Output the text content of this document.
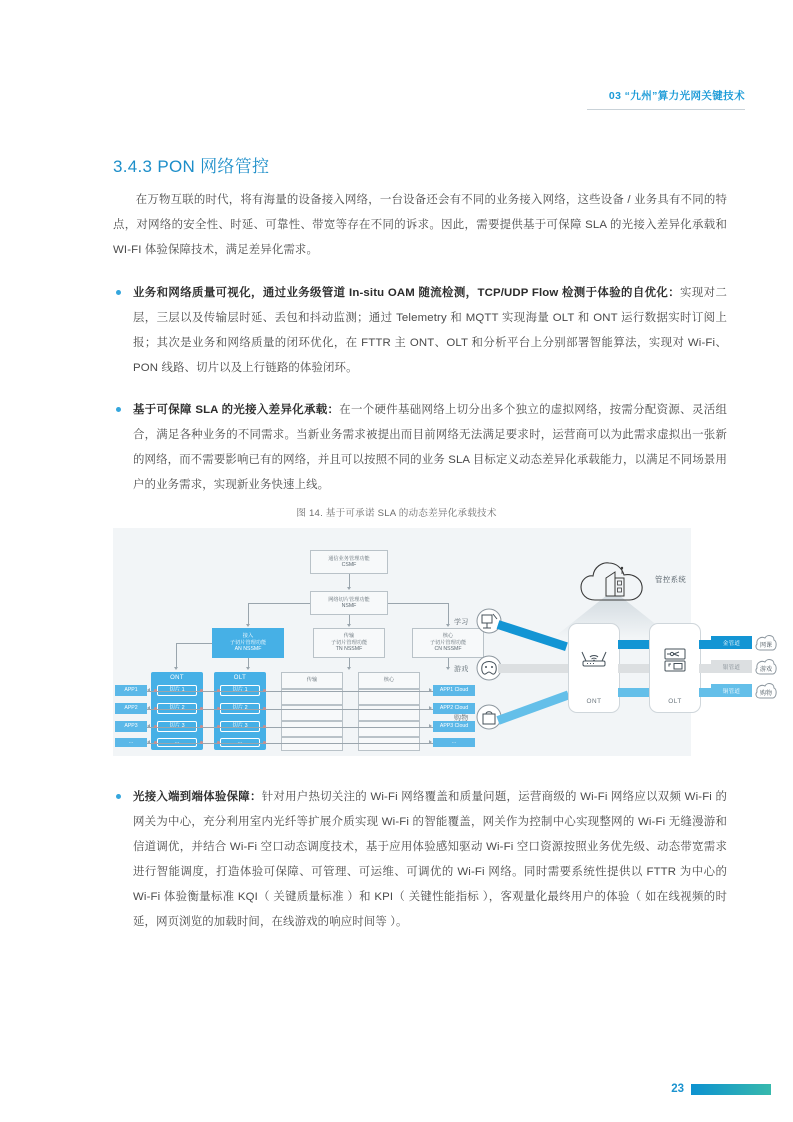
03 “九州”算力光网关键技术
3.4.3 PON 网络管控

在万物互联的时代，将有海量的设备接入网络，一台设备还会有不同的业务接入网络，这些设备 / 业务具有不同的特点，对网络的安全性、时延、可靠性、带宽等存在不同的诉求。因此，需要提供基于可保障 SLA 的光接入差异化承载和 WI-FI 体验保障技术，满足差异化需求。

业务和网络质量可视化，通过业务级管道 In-situ OAM 随流检测，TCP/UDP Flow 检测于体验的自优化：实现对二层，三层以及传输层时延、丢包和抖动监测；通过 Telemetry 和 MQTT 实现海量 OLT 和 ONT 运行数据实时订阅上报；其次是业务和网络质量的闭环优化，在 FTTR 主 ONT、OLT 和分析平台上分别部署智能算法，实现对 Wi-Fi、PON 线路、切片以及上行链路的体验闭环。
基于可保障 SLA 的光接入差异化承载：在一个硬件基础网络上切分出多个独立的虚拟网络，按需分配资源、灵活组合，满足各种业务的不同需求。当新业务需求被提出而目前网络无法满足要求时，运营商可以为此需求虚拟出一张新的网络，而不需要影响已有的网络，并且可以按照不同的业务 SLA 目标定义动态差异化承载能力，以满足不同场景用户的业务需求，实现新业务快速上线。
图 14. 基于可承诺 SLA 的动态差异化承载技术
通信业务管理功能
CSMF
网络切片管理功能
NSMF
接入
子切片管理功能
AN NSSMF
传输
子切片管理功能
TN NSSMF
核心
子切片管理功能
CN NSSMF
ONT	OLT
APP1
APP2
APP3
…
传输	核心
APP1 Cloud
APP2 Cloud
APP3 Cloud
…
管控系统
学习
游戏
购物
ONT	OLT
金管道
银管道
铜管道
网课
游戏
购物
光接入端到端体验保障：针对用户热切关注的 Wi-Fi 网络覆盖和质量问题，运营商级的 Wi-Fi 网络应以双频 Wi-Fi 的网关为中心，充分利用室内光纤等扩展介质实现 Wi-Fi 的智能覆盖，网关作为控制中心实现整网的 Wi-Fi 无缝漫游和信道调优，并结合 Wi-Fi 空口动态调度技术，基于应用体验感知驱动 Wi-Fi 空口资源按照业务优先级、动态带宽需求进行智能调度，打造体验可保障、可管理、可运维、可调优的 Wi-Fi 网络。同时需要系统性提供以 FTTR 为中心的 Wi-Fi 体验衡量标准 KQI（ 关键质量标准 ）和 KPI（ 关键性能指标 ），客观量化最终用户的体验（ 如在线视频的时延，网页浏览的加载时间，在线游戏的响应时间等 ）。
23
